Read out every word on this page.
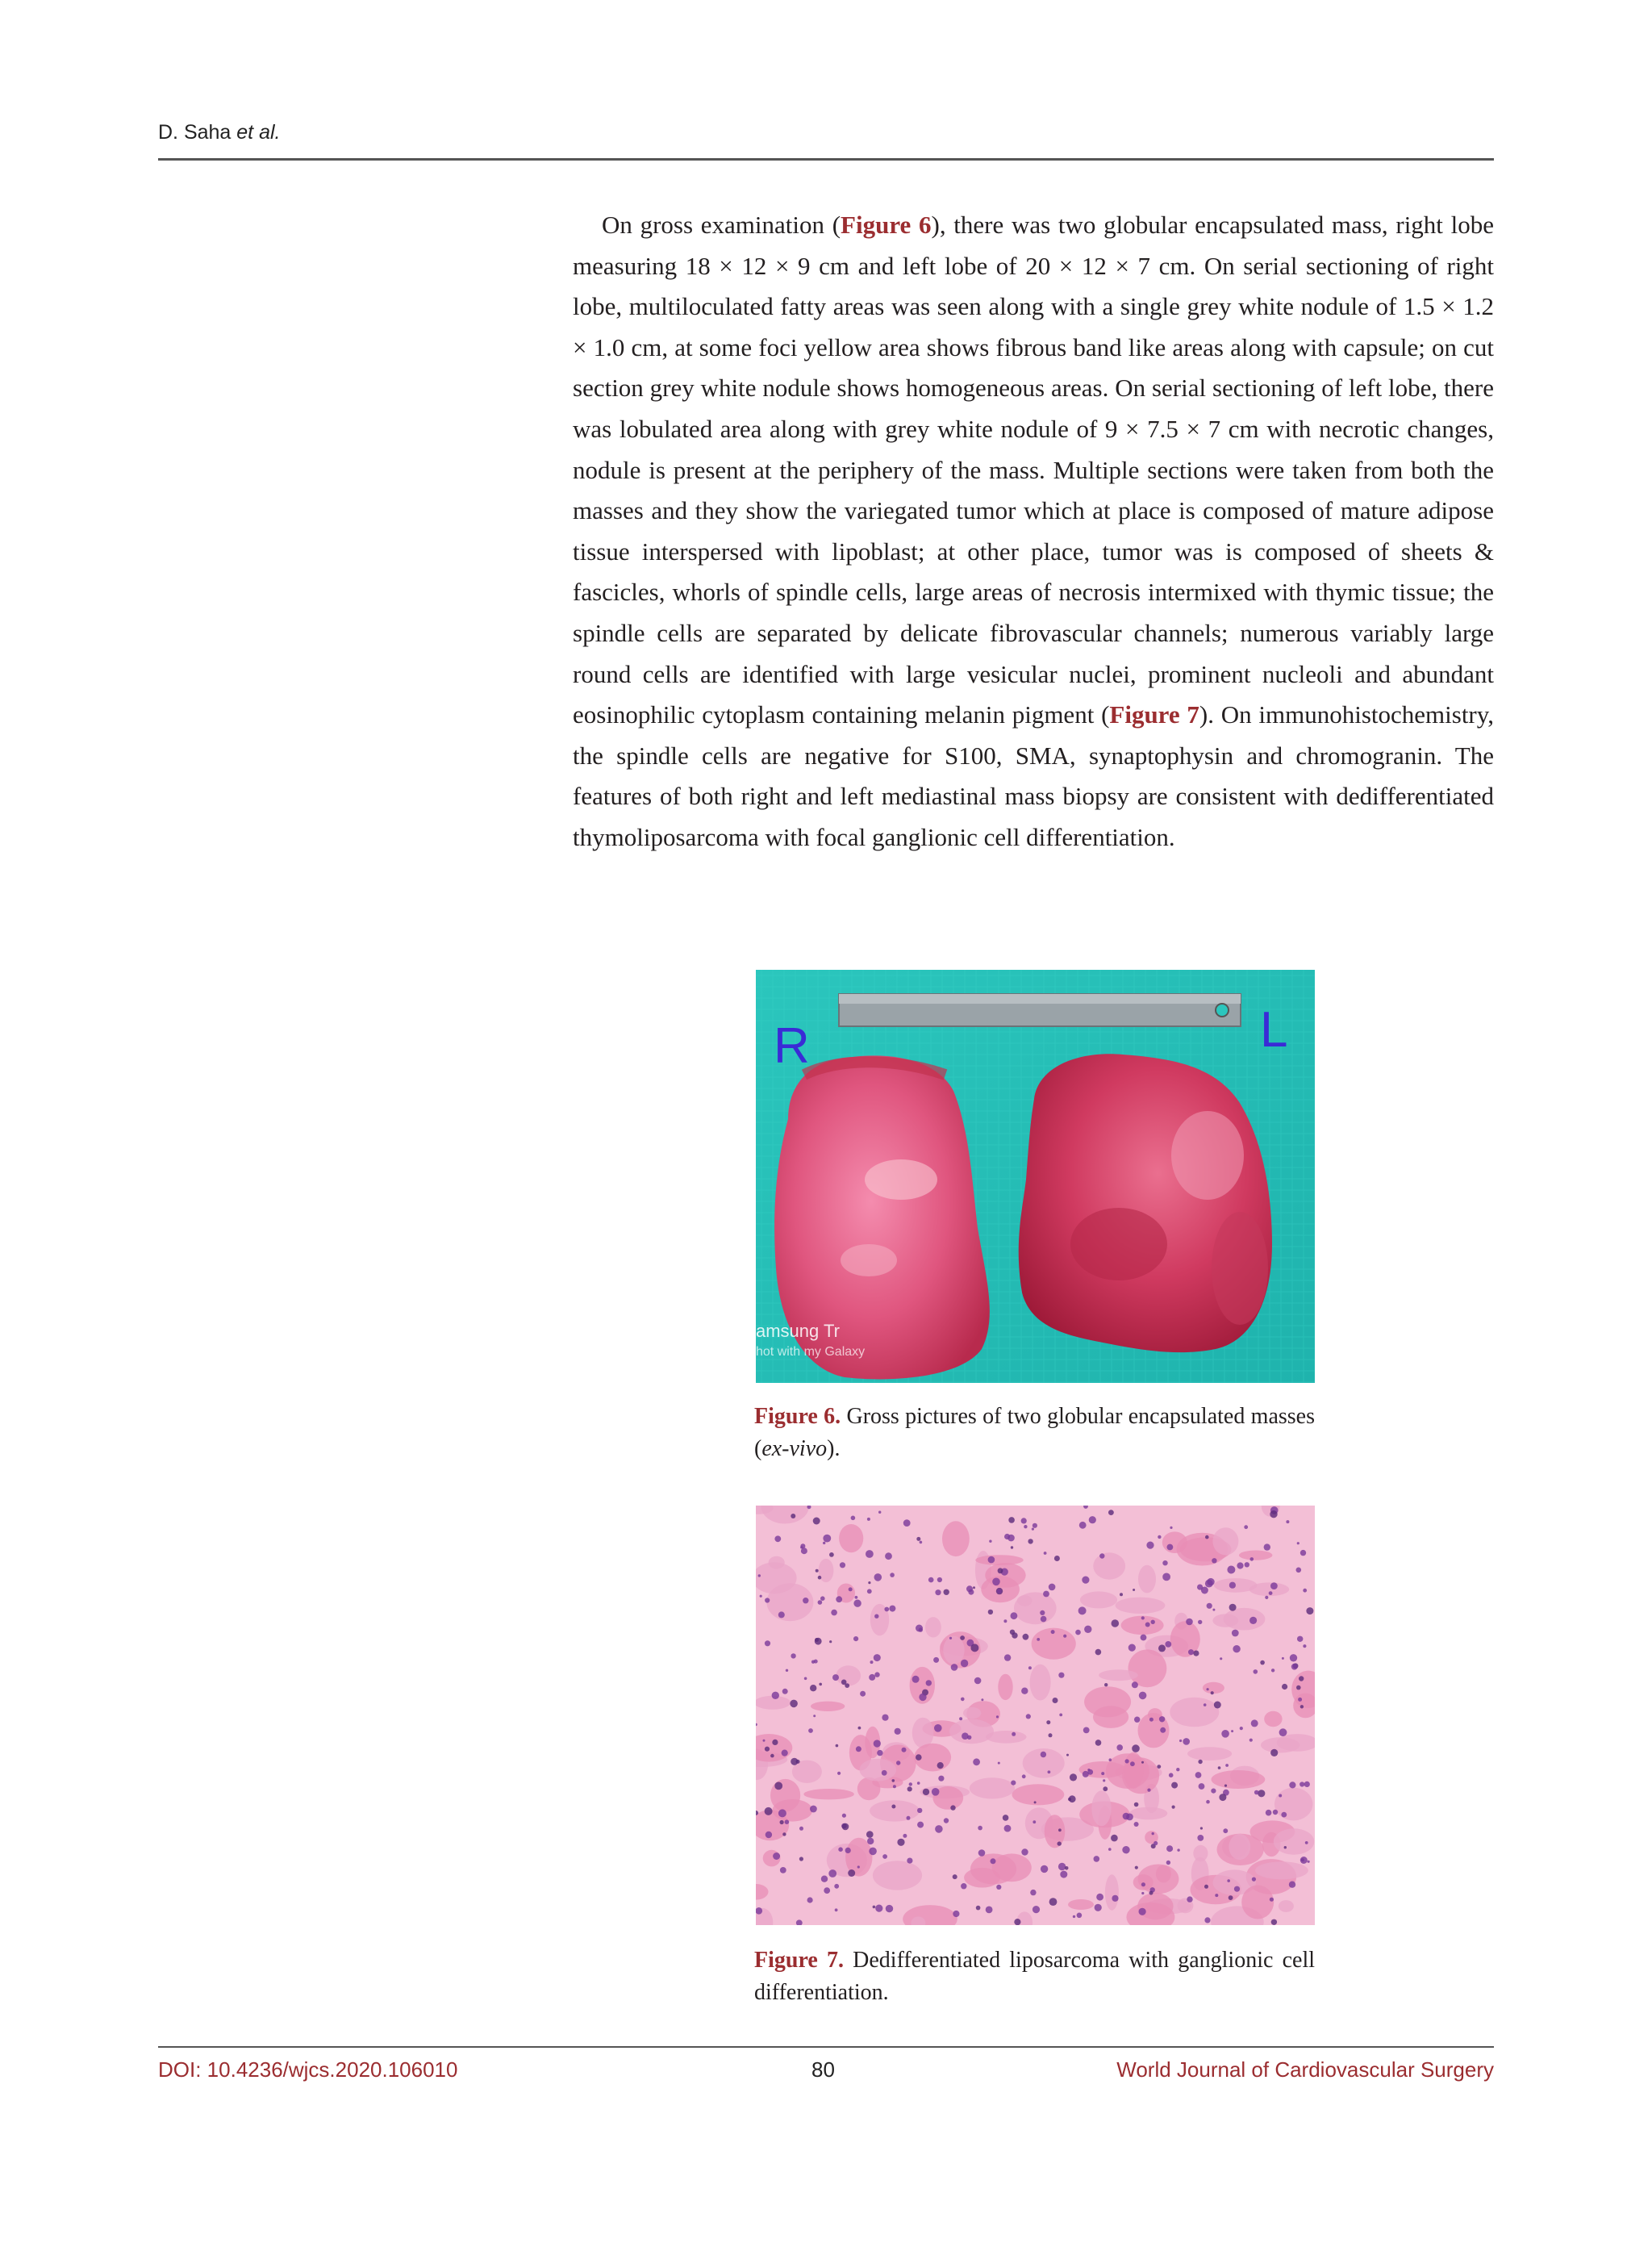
D. Saha et al.
On gross examination (Figure 6), there was two globular encapsulated mass, right lobe measuring 18 × 12 × 9 cm and left lobe of 20 × 12 × 7 cm. On serial sectioning of right lobe, multiloculated fatty areas was seen along with a single grey white nodule of 1.5 × 1.2 × 1.0 cm, at some foci yellow area shows fibrous band like areas along with capsule; on cut section grey white nodule shows homogeneous areas. On serial sectioning of left lobe, there was lobulated area along with grey white nodule of 9 × 7.5 × 7 cm with necrotic changes, nodule is present at the periphery of the mass. Multiple sections were taken from both the masses and they show the variegated tumor which at place is composed of mature adipose tissue interspersed with lipoblast; at other place, tumor was is composed of sheets & fascicles, whorls of spindle cells, large areas of necrosis intermixed with thymic tissue; the spindle cells are separated by delicate fibrovascular channels; numerous variably large round cells are identified with large vesicular nuclei, prominent nucleoli and abundant eosinophilic cytoplasm containing melanin pigment (Figure 7). On immunohistochemistry, the spindle cells are negative for S100, SMA, synaptophysin and chromogranin. The features of both right and left mediastinal mass biopsy are consistent with dedifferentiated thymoliposarcoma with focal ganglionic cell differentiation.
R	L
amsung Tr
hot with my Galaxy
Figure 6. Gross pictures of two globular encapsulated masses (ex-vivo).
Figure 7. Dedifferentiated liposarcoma with ganglionic cell differentiation.
DOI: 10.4236/wjcs.2020.106010	80	World Journal of Cardiovascular Surgery
